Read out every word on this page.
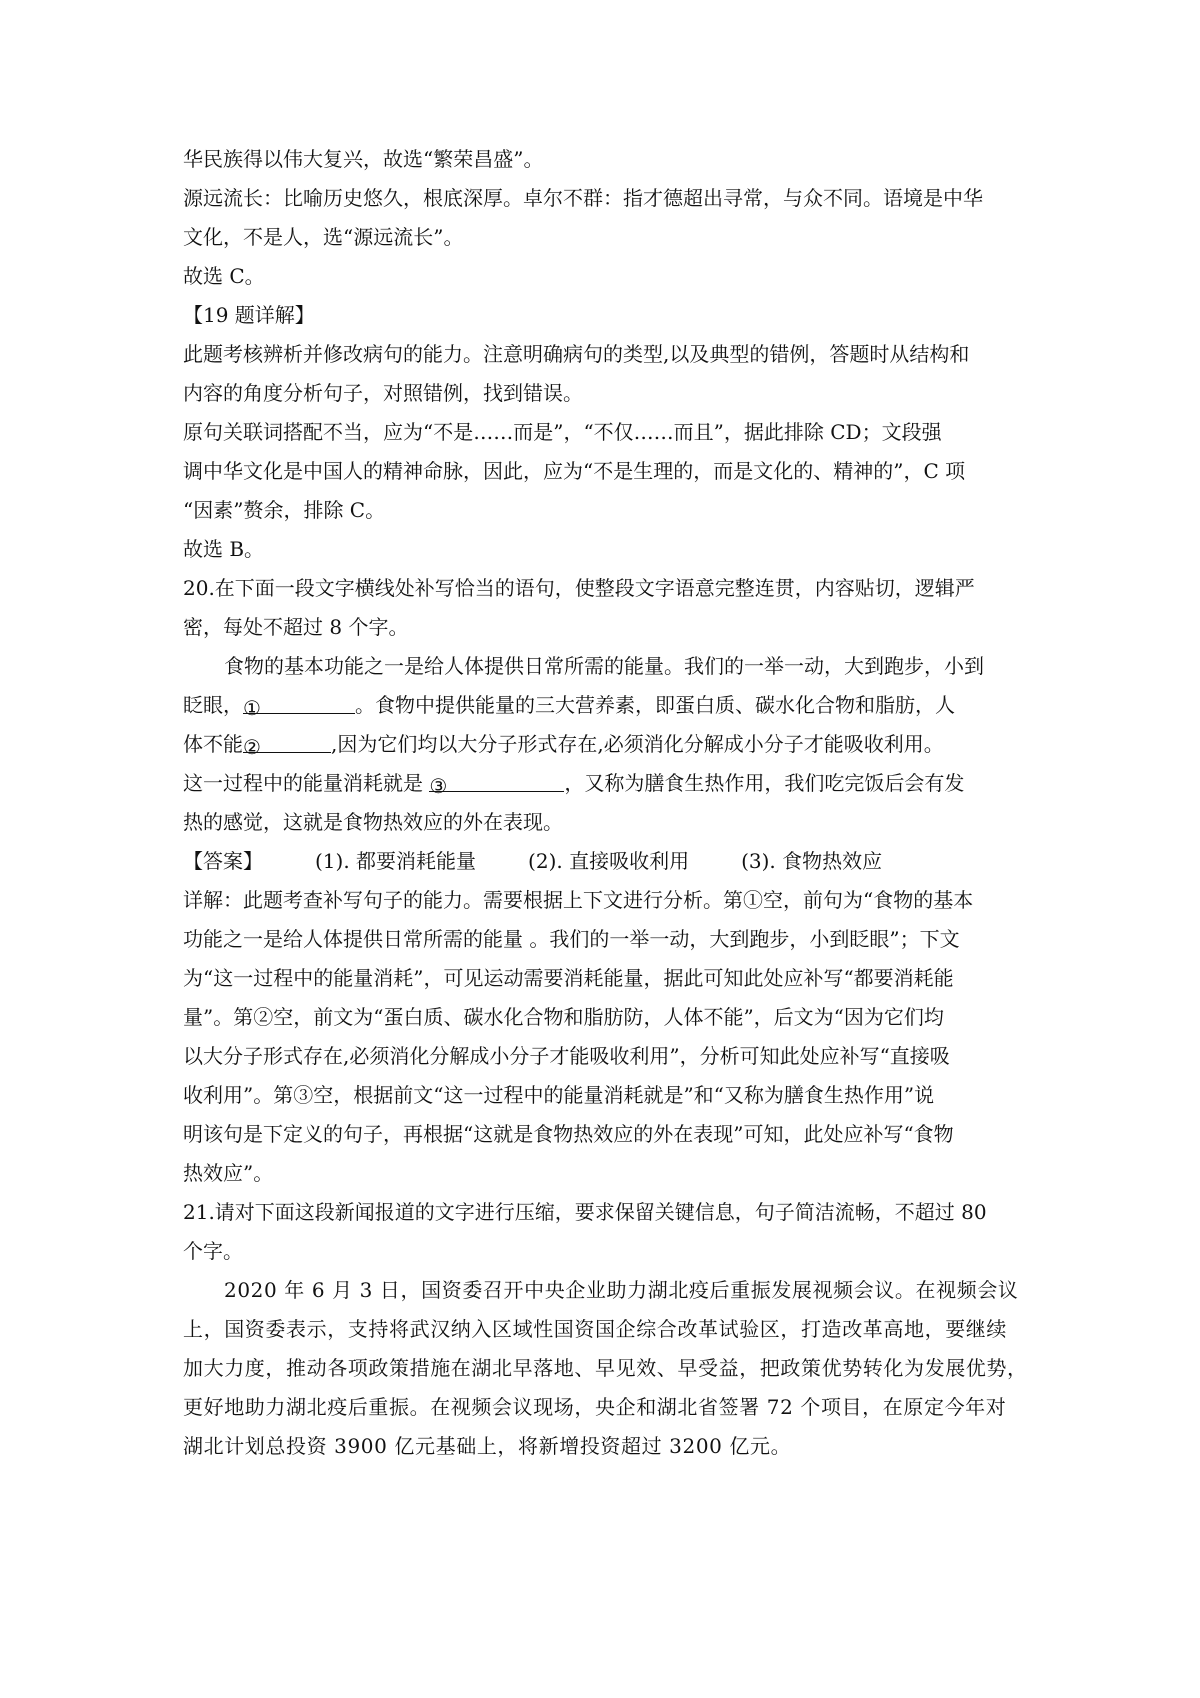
华民族得以伟大复兴，故选“繁荣昌盛”。
源远流长：比喻历史悠久，根底深厚。卓尔不群：指才德超出寻常，与众不同。语境是中华
文化，不是人，选“源远流长”。
故选 C。
【19 题详解】
此题考核辨析并修改病句的能力。注意明确病句的类型,以及典型的错例，答题时从结构和
内容的角度分析句子，对照错例，找到错误。
原句关联词搭配不当，应为“不是……而是”，“不仅……而且”，据此排除 CD；文段强
调中华文化是中国人的精神命脉，因此，应为“不是生理的，而是文化的、精神的”，C 项
“因素”赘余，排除 C。
故选 B。
20.在下面一段文字横线处补写恰当的语句，使整段文字语意完整连贯，内容贴切，逻辑严
密，每处不超过 8 个字。
食物的基本功能之一是给人体提供日常所需的能量。我们的一举一动，大到跑步，小到
眨眼，①	。食物中提供能量的三大营养素，即蛋白质、碳水化合物和脂肪，人
体不能②	,因为它们均以大分子形式存在,必须消化分解成小分子才能吸收利用。
这一过程中的能量消耗就是 ③	，又称为膳食生热作用，我们吃完饭后会有发
热的感觉，这就是食物热效应的外在表现。
【答案】	(1). 都要消耗能量	(2). 直接吸收利用	(3). 食物热效应
详解：此题考查补写句子的能力。需要根据上下文进行分析。第①空，前句为“食物的基本
功能之一是给人体提供日常所需的能量 。我们的一举一动，大到跑步，小到眨眼”；下文
为“这一过程中的能量消耗”，可见运动需要消耗能量，据此可知此处应补写“都要消耗能
量”。第②空，前文为“蛋白质、碳水化合物和脂肪防，人体不能”，后文为“因为它们均
以大分子形式存在,必须消化分解成小分子才能吸收利用”，分析可知此处应补写“直接吸
收利用”。第③空，根据前文“这一过程中的能量消耗就是”和“又称为膳食生热作用”说
明该句是下定义的句子，再根据“这就是食物热效应的外在表现”可知，此处应补写“食物
热效应”。
21.请对下面这段新闻报道的文字进行压缩，要求保留关键信息，句子简洁流畅，不超过 80
个字。
2020 年 6 月 3 日，国资委召开中央企业助力湖北疫后重振发展视频会议。在视频会议
上，国资委表示，支持将武汉纳入区域性国资国企综合改革试验区，打造改革高地，要继续
加大力度，推动各项政策措施在湖北早落地、早见效、早受益，把政策优势转化为发展优势，
更好地助力湖北疫后重振。在视频会议现场，央企和湖北省签署 72 个项目，在原定今年对
湖北计划总投资 3900 亿元基础上，将新增投资超过 3200 亿元。
